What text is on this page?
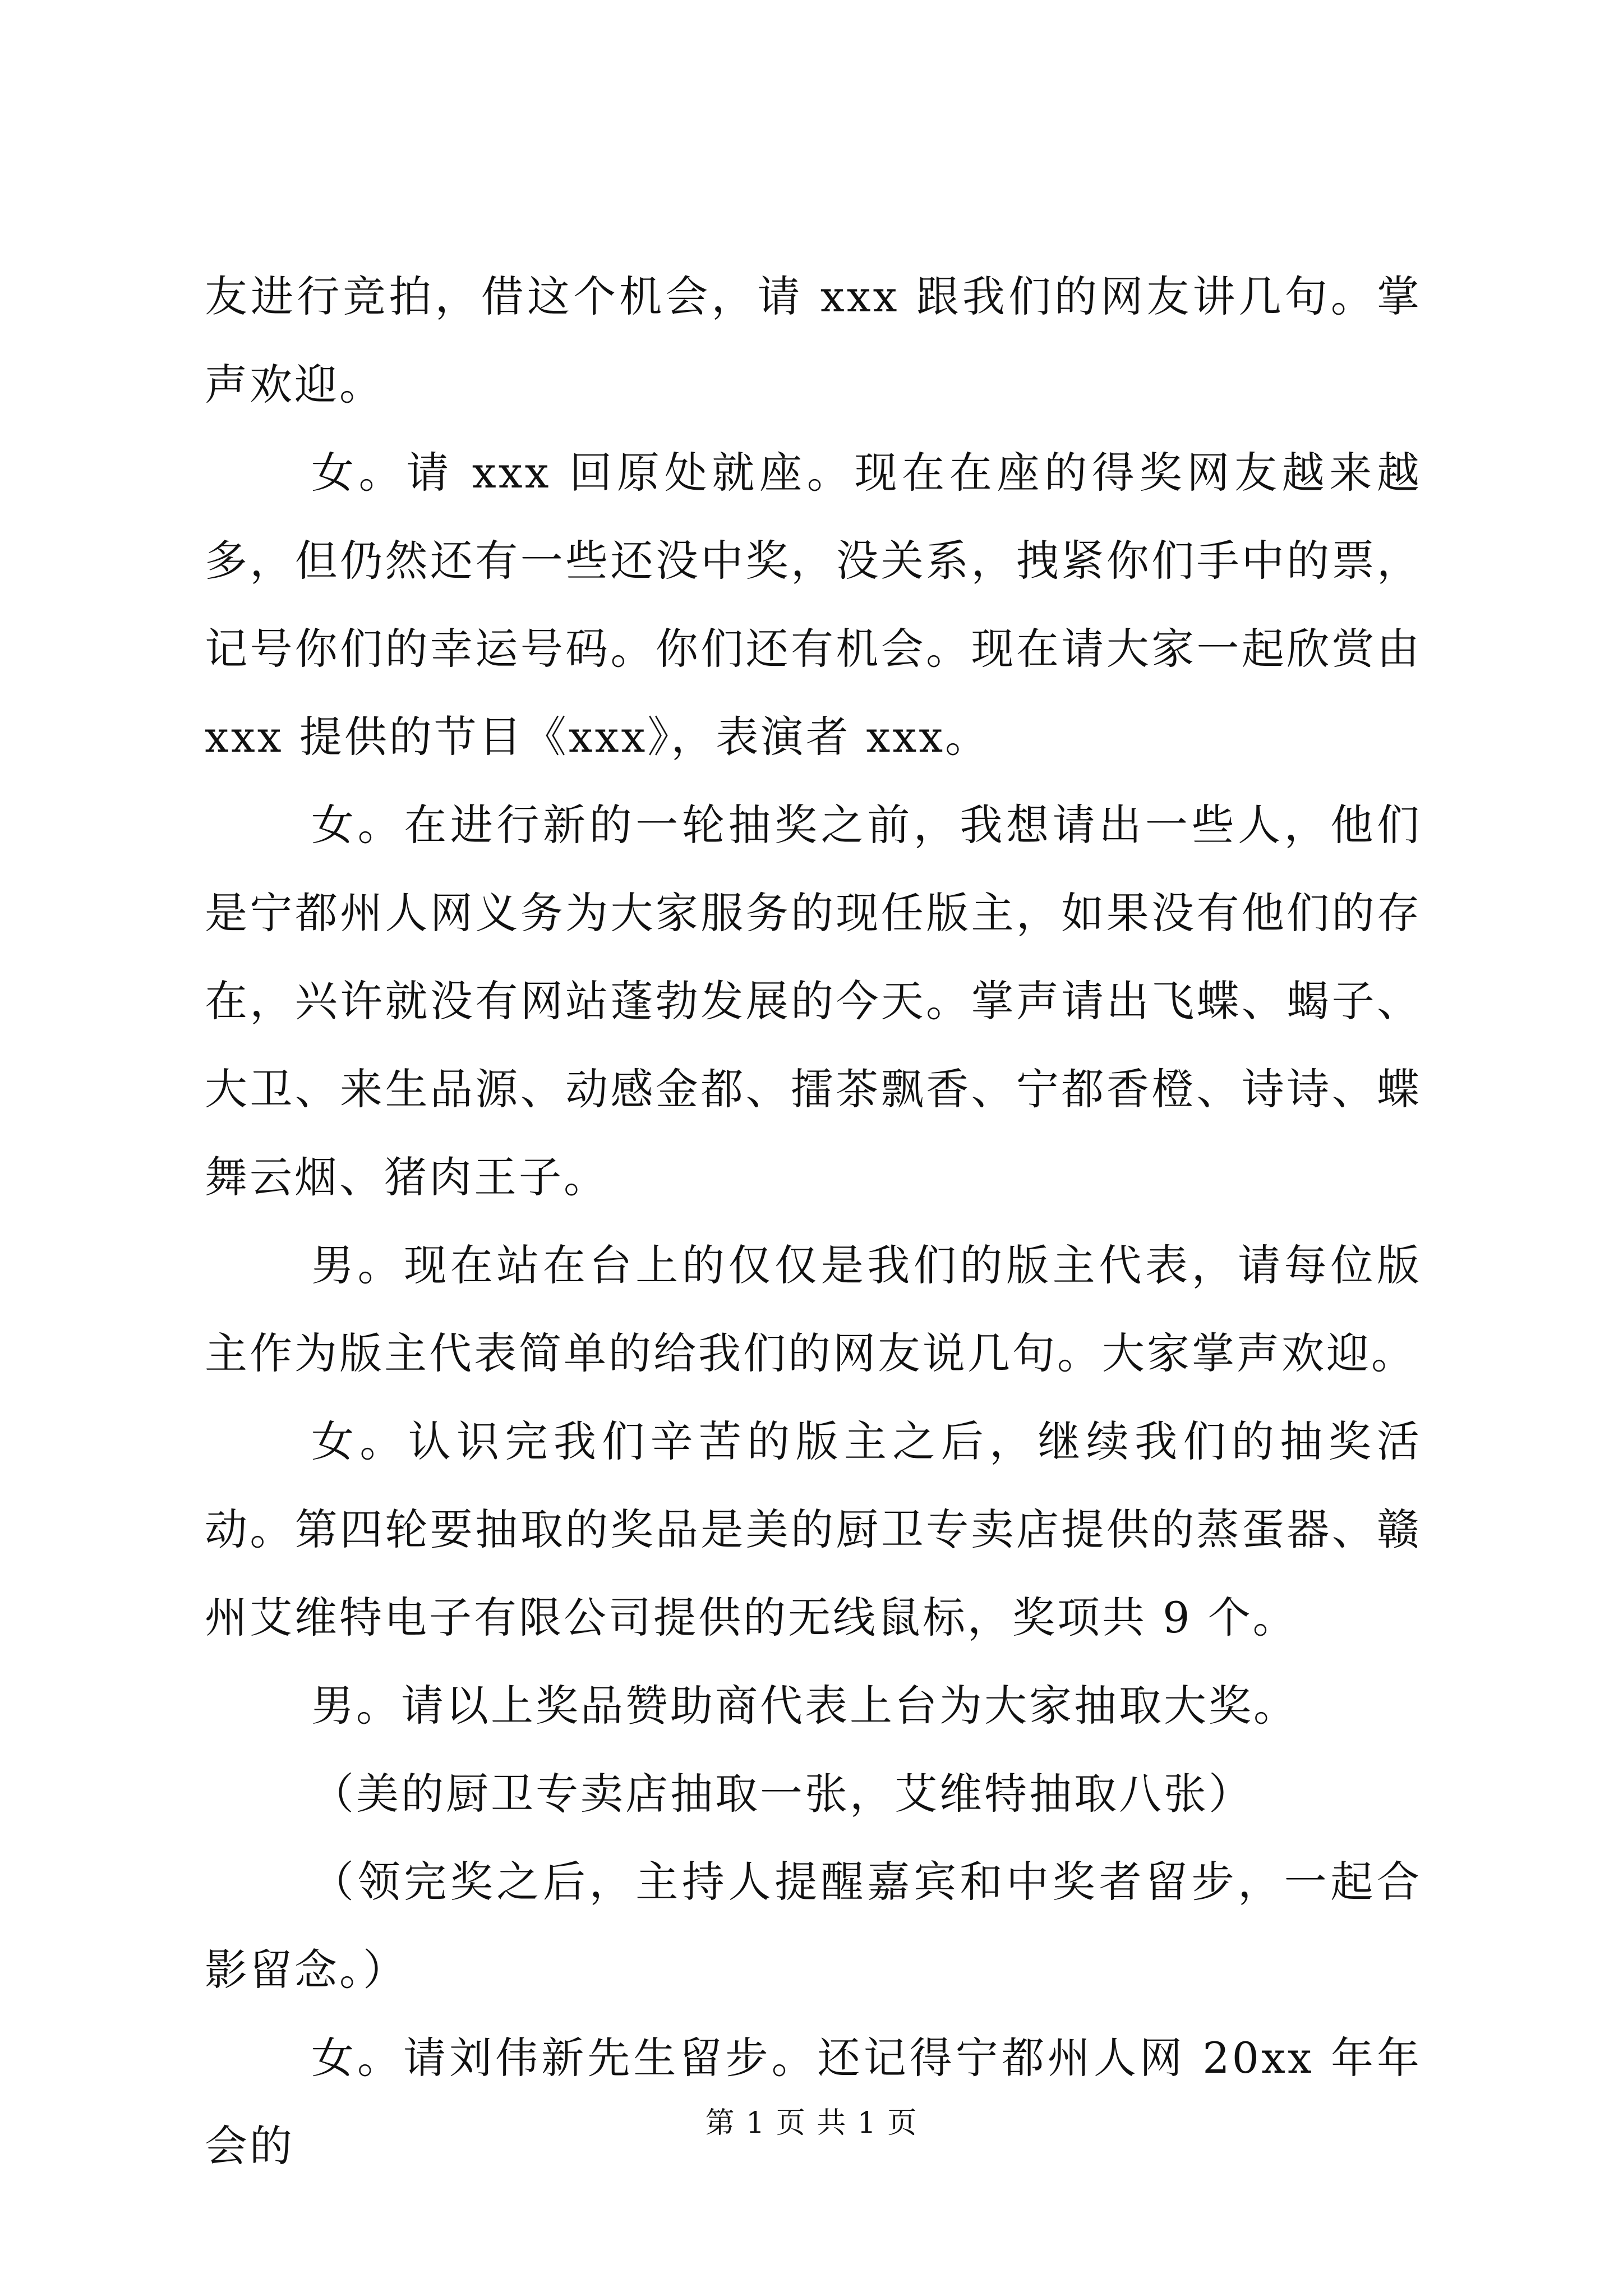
友进行竞拍，借这个机会，请 xxx 跟我们的网友讲几句。掌声欢迎。

女。请 xxx 回原处就座。现在在座的得奖网友越来越多，但仍然还有一些还没中奖，没关系，拽紧你们手中的票，记号你们的幸运号码。你们还有机会。现在请大家一起欣赏由 xxx 提供的节目《xxx》，表演者 xxx。

女。在进行新的一轮抽奖之前，我想请出一些人，他们是宁都州人网义务为大家服务的现任版主，如果没有他们的存在，兴许就没有网站蓬勃发展的今天。掌声请出飞蝶、蝎子、大卫、来生品源、动感金都、擂茶飘香、宁都香橙、诗诗、蝶舞云烟、猪肉王子。

男。现在站在台上的仅仅是我们的版主代表，请每位版主作为版主代表简单的给我们的网友说几句。大家掌声欢迎。

女。认识完我们辛苦的版主之后，继续我们的抽奖活动。第四轮要抽取的奖品是美的厨卫专卖店提供的蒸蛋器、赣州艾维特电子有限公司提供的无线鼠标，奖项共 9 个。

男。请以上奖品赞助商代表上台为大家抽取大奖。

（美的厨卫专卖店抽取一张，艾维特抽取八张）

（领完奖之后，主持人提醒嘉宾和中奖者留步，一起合影留念。）

女。请刘伟新先生留步。还记得宁都州人网 20xx 年年会的	第 1 页 共 1 页
